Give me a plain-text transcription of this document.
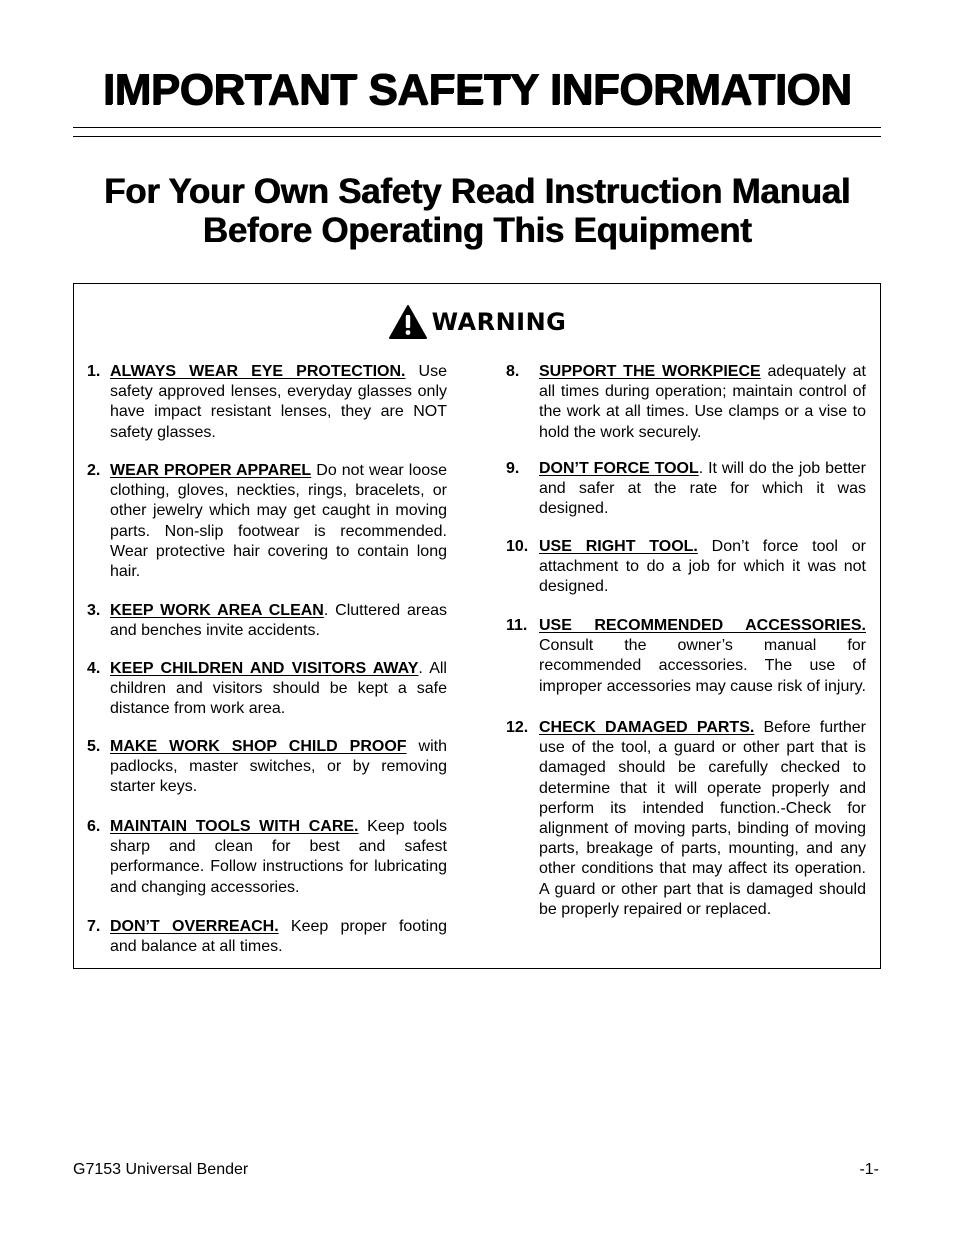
IMPORTANT SAFETY INFORMATION
For Your Own Safety Read Instruction Manual
Before Operating This Equipment
WARNING
1. ALWAYS WEAR EYE PROTECTION. Use safety approved lenses, everyday glasses only have impact resistant lenses, they are NOT safety glasses.
2. WEAR PROPER APPAREL Do not wear loose clothing, gloves, neckties, rings, bracelets, or other jewelry which may get caught in moving parts. Non-slip footwear is recommended. Wear protective hair covering to contain long hair.
3. KEEP WORK AREA CLEAN. Cluttered areas and benches invite accidents.
4. KEEP CHILDREN AND VISITORS AWAY. All children and visitors should be kept a safe distance from work area.
5. MAKE WORK SHOP CHILD PROOF with padlocks, master switches, or by removing starter keys.
6. MAINTAIN TOOLS WITH CARE. Keep tools sharp and clean for best and safest performance. Follow instructions for lubricating and changing accessories.
7. DON’T OVERREACH. Keep proper footing and balance at all times.
8. SUPPORT THE WORKPIECE adequately at all times during operation; maintain control of the work at all times. Use clamps or a vise to hold the work securely.
9. DON’T FORCE TOOL. It will do the job better and safer at the rate for which it was designed.
10. USE RIGHT TOOL. Don’t force tool or attachment to do a job for which it was not designed.
11. USE RECOMMENDED ACCESSORIES. Consult the owner’s manual for recommended accessories. The use of improper accessories may cause risk of injury.
12. CHECK DAMAGED PARTS. Before further use of the tool, a guard or other part that is damaged should be carefully checked to determine that it will operate properly and perform its intended function.-Check for alignment of moving parts, binding of moving parts, breakage of parts, mounting, and any other conditions that may affect its operation. A guard or other part that is damaged should be properly repaired or replaced.
G7153 Universal Bender	-1-
